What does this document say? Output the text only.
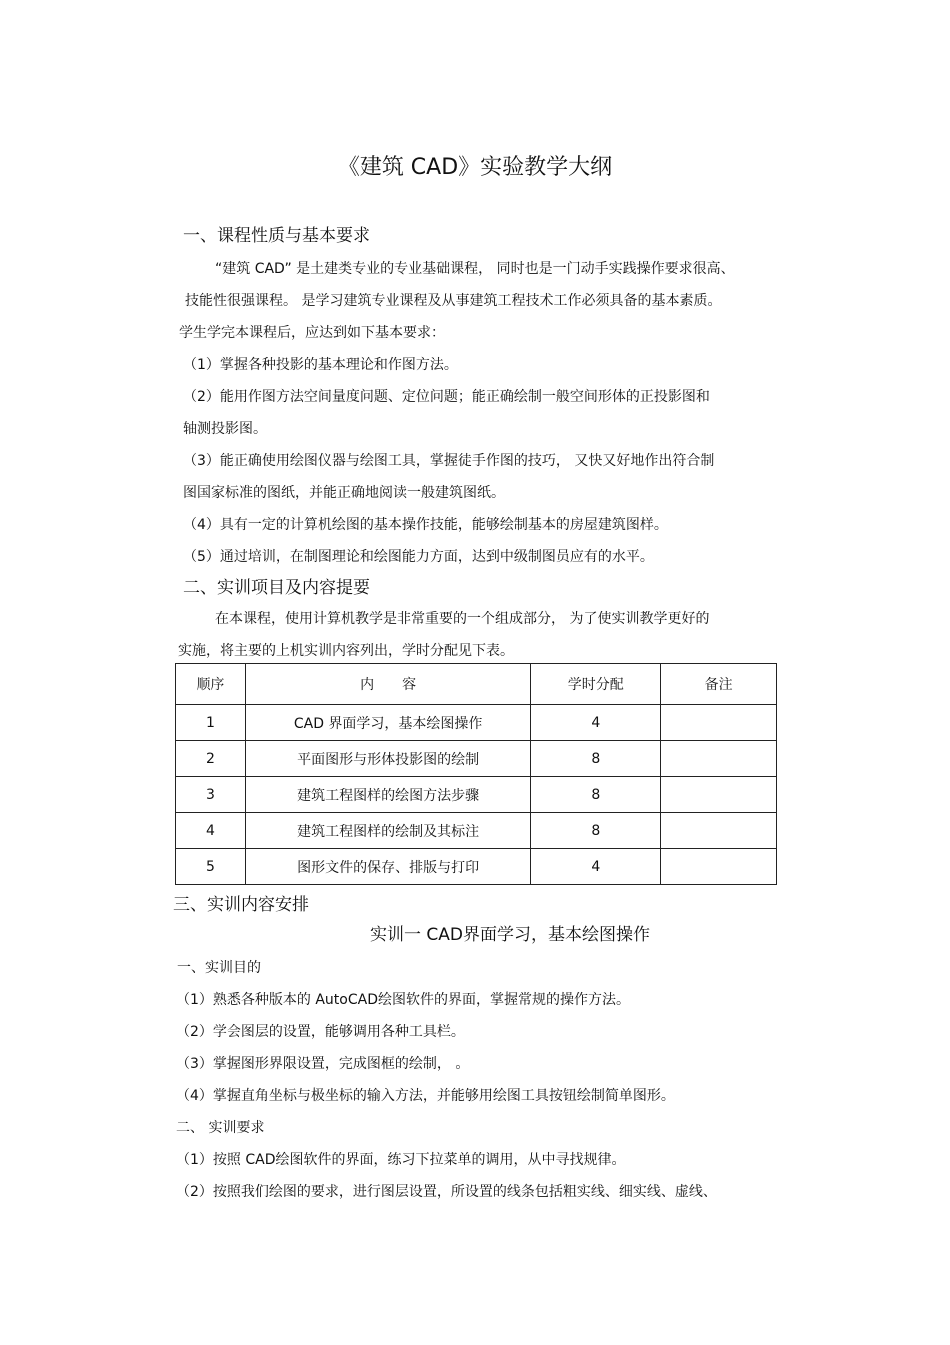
《建筑 CAD》实验教学大纲
一、课程性质与基本要求
“建筑 CAD” 是土建类专业的专业基础课程， 同时也是一门动手实践操作要求很高、
技能性很强课程。 是学习建筑专业课程及从事建筑工程技术工作必须具备的基本素质。
学生学完本课程后，应达到如下基本要求：
（1）掌握各种投影的基本理论和作图方法。
（2）能用作图方法空间量度问题、定位问题；能正确绘制一般空间形体的正投影图和
轴测投影图。
（3）能正确使用绘图仪器与绘图工具，掌握徒手作图的技巧， 又快又好地作出符合制
图国家标准的图纸，并能正确地阅读一般建筑图纸。
（4）具有一定的计算机绘图的基本操作技能，能够绘制基本的房屋建筑图样。
（5）通过培训，在制图理论和绘图能力方面，达到中级制图员应有的水平。
二、实训项目及内容提要
在本课程，使用计算机教学是非常重要的一个组成部分， 为了使实训教学更好的
实施，将主要的上机实训内容列出，学时分配见下表。
顺序	内　　容	学时分配	备注
1	CAD 界面学习，基本绘图操作	4	
2	平面图形与形体投影图的绘制	8	
3	建筑工程图样的绘图方法步骤	8	
4	建筑工程图样的绘制及其标注	8	
5	图形文件的保存、排版与打印	4	
三、实训内容安排
实训一 CAD界面学习，基本绘图操作
一、实训目的
（1）熟悉各种版本的 AutoCAD绘图软件的界面，掌握常规的操作方法。
（2）学会图层的设置，能够调用各种工具栏。
（3）掌握图形界限设置，完成图框的绘制， 。
（4）掌握直角坐标与极坐标的输入方法，并能够用绘图工具按钮绘制简单图形。
二、 实训要求
（1）按照 CAD绘图软件的界面，练习下拉菜单的调用，从中寻找规律。
（2）按照我们绘图的要求，进行图层设置，所设置的线条包括粗实线、细实线、虚线、
